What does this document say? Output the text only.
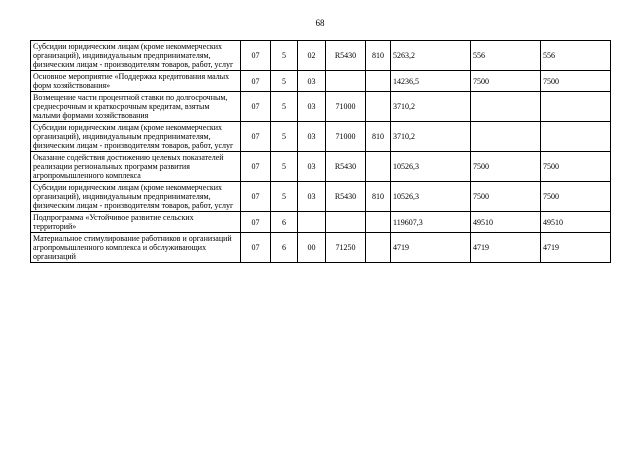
68
Субсидии юридическим лицам (кроме некоммерческих организаций), индивидуальным предпринимателям, физическим лицам - производителям товаров, работ, услуг	07	5	02	R5430	810	5263,2	556	556
Основное мероприятие «Поддержка кредитования малых форм хозяйствования»	07	5	03			14236,5	7500	7500
Возмещение части процентной ставки по долгосрочным, среднесрочным и краткосрочным кредитам, взятым малыми формами хозяйствования	07	5	03	71000		3710,2		
Субсидии юридическим лицам (кроме некоммерческих организаций), индивидуальным предпринимателям, физическим лицам - производителям товаров, работ, услуг	07	5	03	71000	810	3710,2		
Оказание содействия достижению целевых показателей реализации региональных программ развития агропромышленного комплекса	07	5	03	R5430		10526,3	7500	7500
Субсидии юридическим лицам (кроме некоммерческих организаций), индивидуальным предпринимателям, физическим лицам - производителям товаров, работ, услуг	07	5	03	R5430	810	10526,3	7500	7500
Подпрограмма «Устойчивое развитие сельских территорий»	07	6				119607,3	49510	49510
Материальное стимулирование работников и организаций агропромышленного комплекса и обслуживающих организаций	07	6	00	71250		4719	4719	4719
